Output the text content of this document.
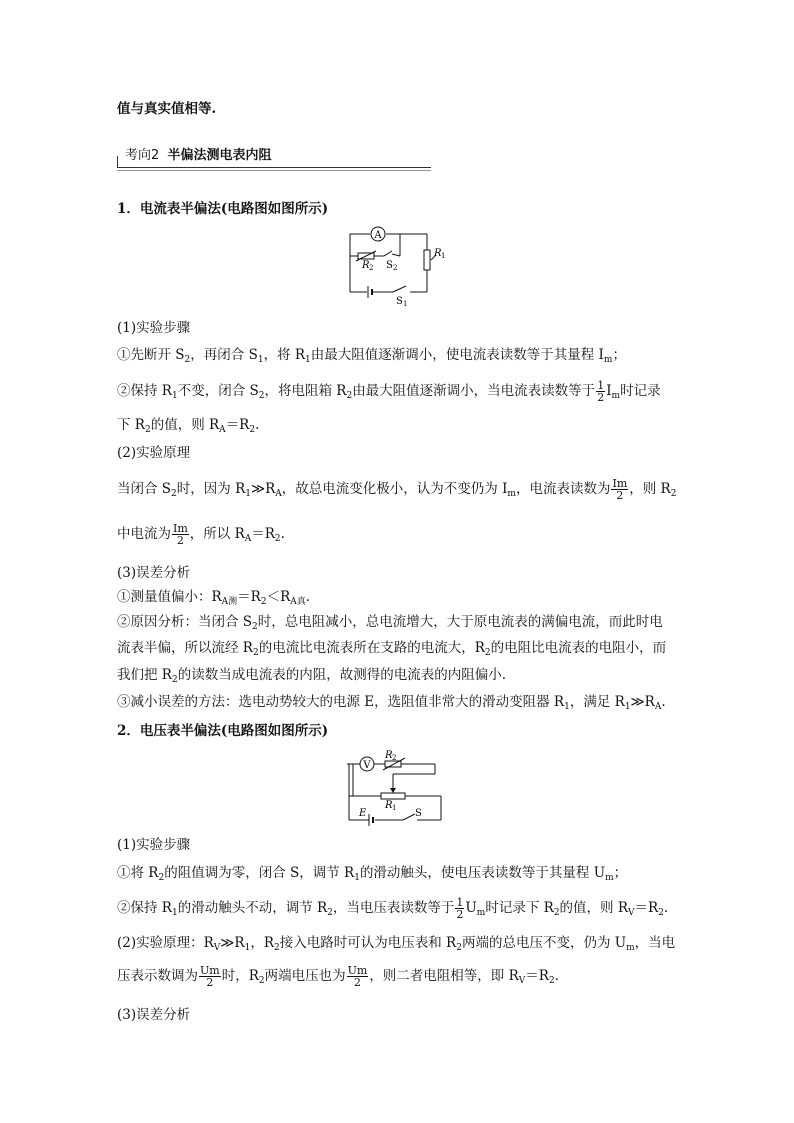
值与真实值相等.
考向2 半偏法测电表内阻
1．电流表半偏法(电路图如图所示)
A
R 2 S 2
R 1
S 1
(1)实验步骤
①先断开 $S_2$，再闭合 $S_1$，将 $R_1$由最大阻值逐渐调小，使电流表读数等于其量程 $I_m$；
②保持 $R_1$不变，闭合 $S_2$，将电阻箱 $R_2$由最大阻值逐渐调小，当电流表读数等于 $\frac{1}{2} I_m$时记录
下 $R_2$的值，则 $R_A=R_2$.
(2)实验原理
当闭合 $S_2$时，因为 $R_1≫R_A$，故总电流变化极小，认为不变仍为 $I_m$，电流表读数为 $\frac{Im}{2}$ ，则 $R_2$
中电流为 $\frac{Im}{2}$ ，所以 $R_A=R_2$.
(3)误差分析
①测量值偏小：$R_{A测}=R_2<R_{A真}$.
②原因分析：当闭合 $S_2$时，总电阻减小，总电流增大，大于原电流表的满偏电流，而此时电
流表半偏，所以流经 $R_2$的电流比电流表所在支路的电流大，$R_2$的电阻比电流表的电阻小，而
我们把 $R_2$的读数当成电流表的内阻，故测得的电流表的内阻偏小.
③减小误差的方法：选电动势较大的电源 E，选阻值非常大的滑动变阻器 $R_1$，满足 $R_1≫R_A$.
2．电压表半偏法(电路图如图所示)
V
R 2
R 1
E	S
(1)实验步骤
①将 $R_2$的阻值调为零，闭合 S，调节 $R_1$的滑动触头，使电压表读数等于其量程 $U_m$；
②保持 $R_1$的滑动触头不动，调节 $R_2$，当电压表读数等于 $\frac{1}{2} U_m$时记录下 $R_2$的值，则 $R_V=R_2$.
(2)实验原理：$R_V≫R_1$，$R_2$接入电路时可认为电压表和 $R_2$两端的总电压不变，仍为 $U_m$，当电
压表示数调为 $\frac{Um}{2}$ 时，$R_2$两端电压也为 $\frac{Um}{2}$ ，则二者电阻相等，即 $R_V=R_2$.
(3)误差分析
